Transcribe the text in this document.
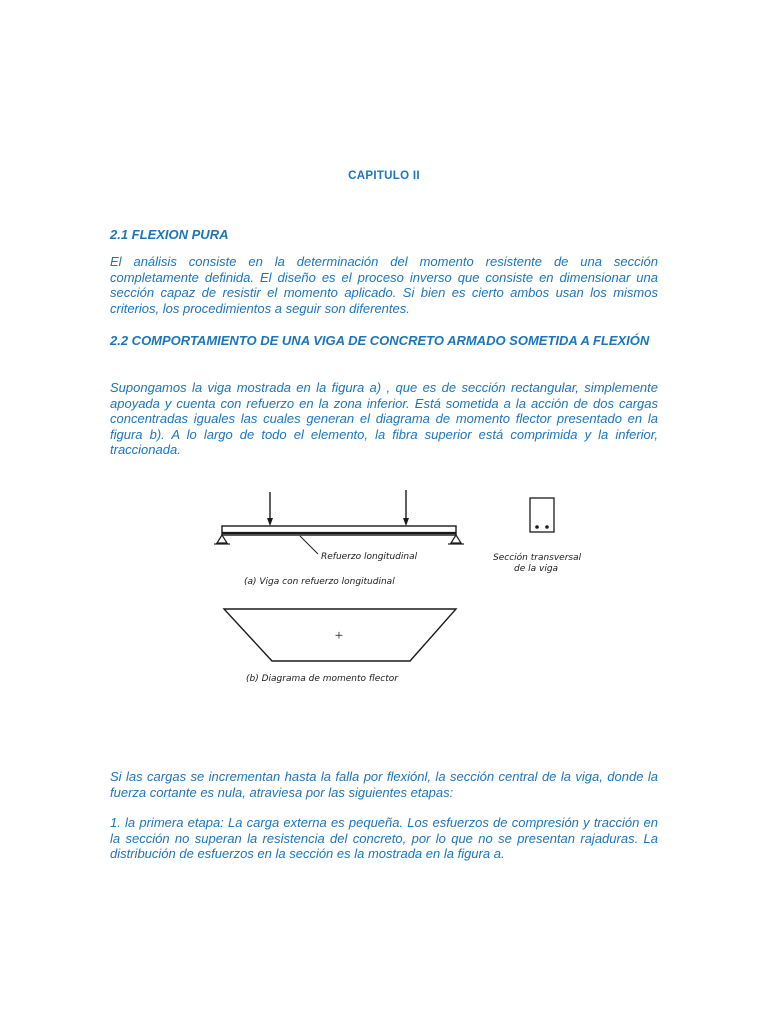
CAPITULO II
2.1 FLEXION PURA
El análisis consiste en la determinación del momento resistente de una sección completamente definida. El diseño es el proceso inverso que consiste en dimensionar una sección capaz de resistir el momento aplicado. Si bien es cierto ambos usan los mismos criterios, los procedimientos a seguir son diferentes.
2.2 COMPORTAMIENTO DE UNA VIGA DE CONCRETO ARMADO SOMETIDA A FLEXIÓN
Supongamos la viga mostrada en la figura a) , que es de sección rectangular, simplemente apoyada y cuenta con refuerzo en la zona inferior. Está sometida a la acción de dos cargas concentradas iguales las cuales generan el diagrama de momento flector presentado en la figura b). A lo largo de todo el elemento, la fibra superior está comprimida y la inferior, traccionada.
Refuerzo longitudinal
(a) Viga con refuerzo longitudinal
Sección transversal
de la viga
+
(b) Diagrama de momento flector
Si las cargas se incrementan hasta la falla por flexiónl, la sección central de la viga, donde la fuerza cortante es nula, atraviesa por las siguientes etapas:
1. la primera etapa: La carga externa es pequeña. Los esfuerzos de compresión y tracción en la sección no superan la resistencia del concreto, por lo que no se presentan rajaduras. La distribución de esfuerzos en la sección es la mostrada en la figura a.
